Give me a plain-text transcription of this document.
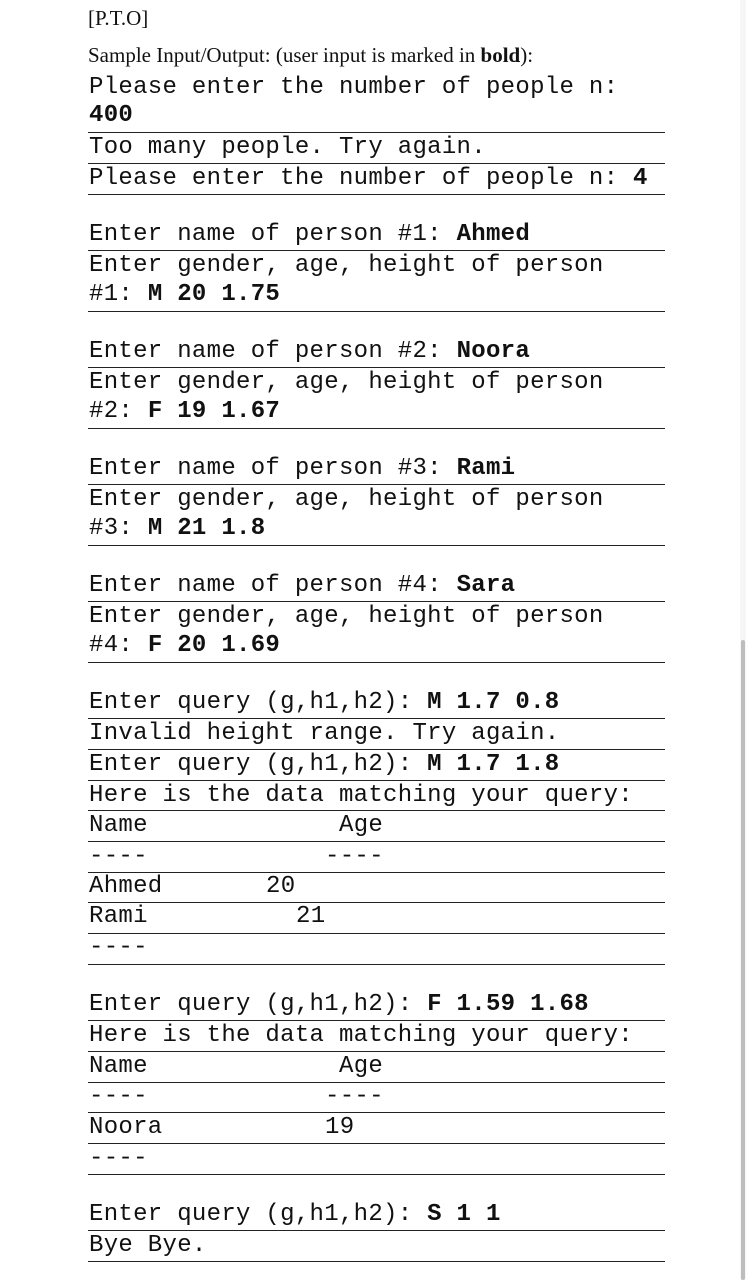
[P.T.O]
Sample Input/Output: (user input is marked in bold):
Please enter the number of people n:
400
Too many people. Try again.
Please enter the number of people n: 4
Enter name of person #1: Ahmed
Enter gender, age, height of person
#1: M 20 1.75
Enter name of person #2: Noora
Enter gender, age, height of person
#2: F 19 1.67
Enter name of person #3: Rami
Enter gender, age, height of person
#3: M 21 1.8
Enter name of person #4: Sara
Enter gender, age, height of person
#4: F 20 1.69
Enter query (g,h1,h2): M 1.7 0.8
Invalid height range. Try again.
Enter query (g,h1,h2): M 1.7 1.8
Here is the data matching your query:
Name	Age
----	----
Ahmed	20
Rami	21
----
Enter query (g,h1,h2): F 1.59 1.68
Here is the data matching your query:
Name	Age
----	----
Noora	19
----
Enter query (g,h1,h2): S 1 1
Bye Bye.
